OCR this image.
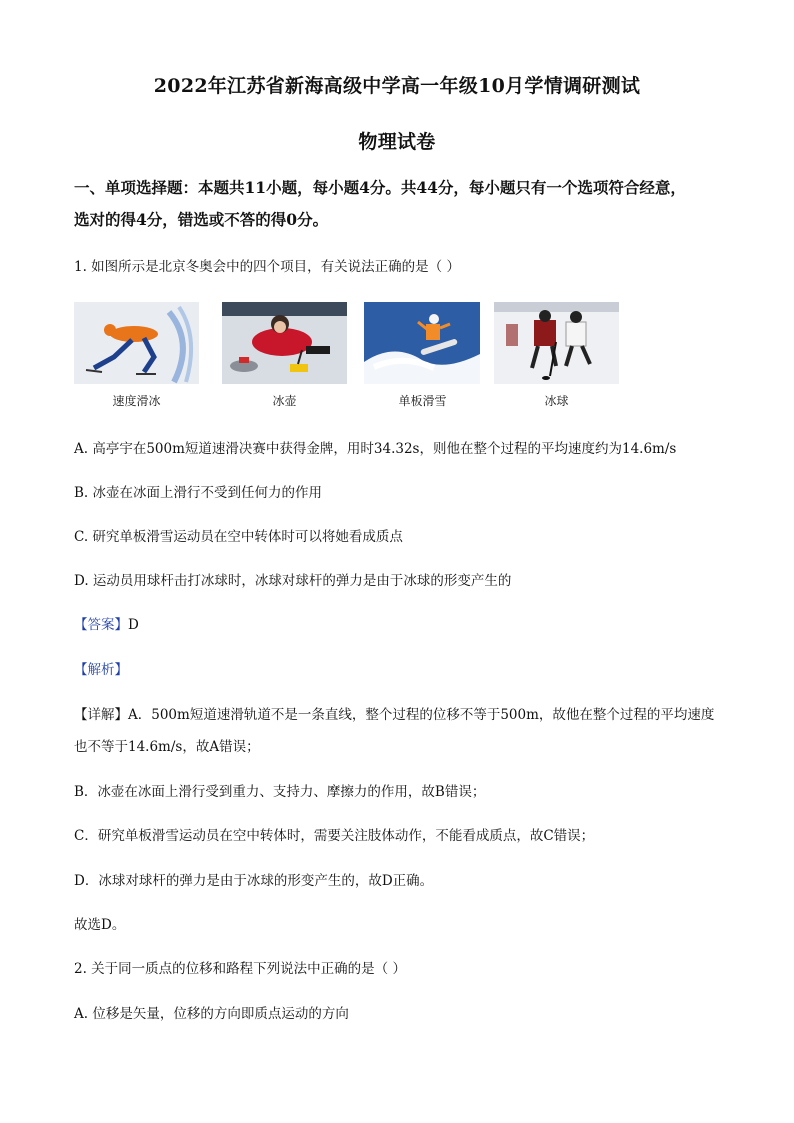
2022年江苏省新海高级中学高一年级10月学情调研测试
物理试卷
一、单项选择题：本题共11小题，每小题4分。共44分，每小题只有一个选项符合经意，
选对的得4分，错选或不答的得0分。
1. 如图所示是北京冬奥会中的四个项目，有关说法正确的是（ ）
速度滑冰	冰壶	单板滑雪	冰球
A. 高亭宇在500m短道速滑决赛中获得金牌，用时34.32s，则他在整个过程的平均速度约为14.6m/s
B. 冰壶在冰面上滑行不受到任何力的作用
C. 研究单板滑雪运动员在空中转体时可以将她看成质点
D. 运动员用球杆击打冰球时，冰球对球杆的弹力是由于冰球的形变产生的
【答案】D
【解析】
【详解】A．500m短道速滑轨道不是一条直线，整个过程的位移不等于500m，故他在整个过程的平均速度
也不等于14.6m/s，故A错误；
B．冰壶在冰面上滑行受到重力、支持力、摩擦力的作用，故B错误；
C．研究单板滑雪运动员在空中转体时，需要关注肢体动作，不能看成质点，故C错误；
D．冰球对球杆的弹力是由于冰球的形变产生的，故D正确。
故选D。
2. 关于同一质点的位移和路程下列说法中正确的是（ ）
A. 位移是矢量，位移的方向即质点运动的方向
